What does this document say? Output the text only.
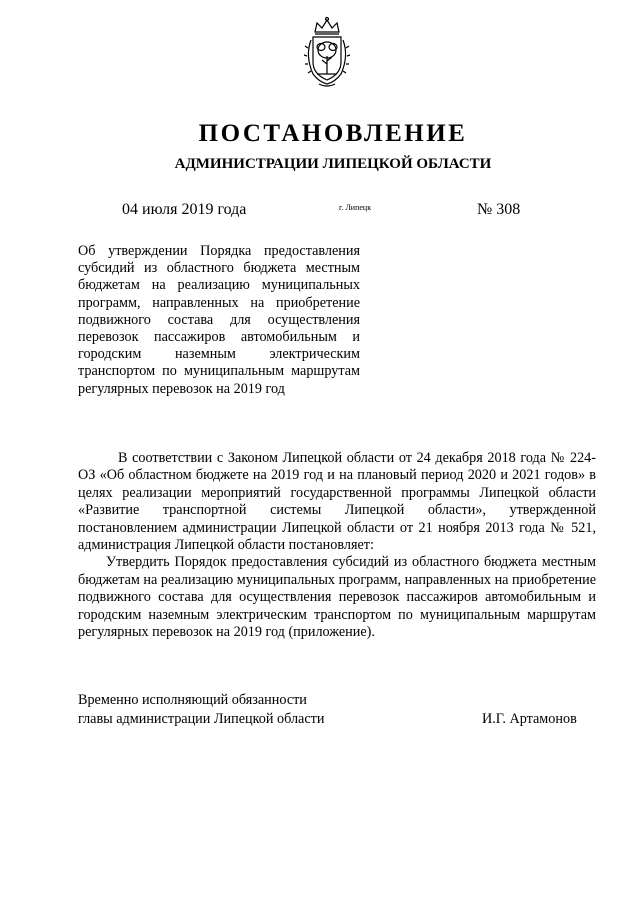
ПОСТАНОВЛЕНИЕ
АДМИНИСТРАЦИИ ЛИПЕЦКОЙ ОБЛАСТИ
04 июля 2019 года	г. Липецк	№ 308
Об утверждении Порядка предоставления субсидий из областного бюджета местным бюджетам на реализацию муниципальных программ, направленных на приобретение подвижного состава для осуществления перевозок пассажиров автомобильным и городским наземным электрическим транспортом по муниципальным маршрутам регулярных перевозок на 2019 год

В соответствии с Законом Липецкой области от 24 декабря 2018 года № 224-ОЗ «Об областном бюджете на 2019 год и на плановый период 2020 и 2021 годов» в целях реализации мероприятий государственной программы Липецкой области «Развитие транспортной системы Липецкой области», утвержденной постановлением администрации Липецкой области от 21 ноября 2013 года № 521, администрация Липецкой области постановляет:

Утвердить Порядок предоставления субсидий из областного бюджета местным бюджетам на реализацию муниципальных программ, направленных на приобретение подвижного состава для осуществления перевозок пассажиров автомобильным и городским наземным электрическим транспортом по муниципальным маршрутам регулярных перевозок на 2019 год (приложение).

Временно исполняющий обязанности
главы администрации Липецкой области	И.Г. Артамонов
